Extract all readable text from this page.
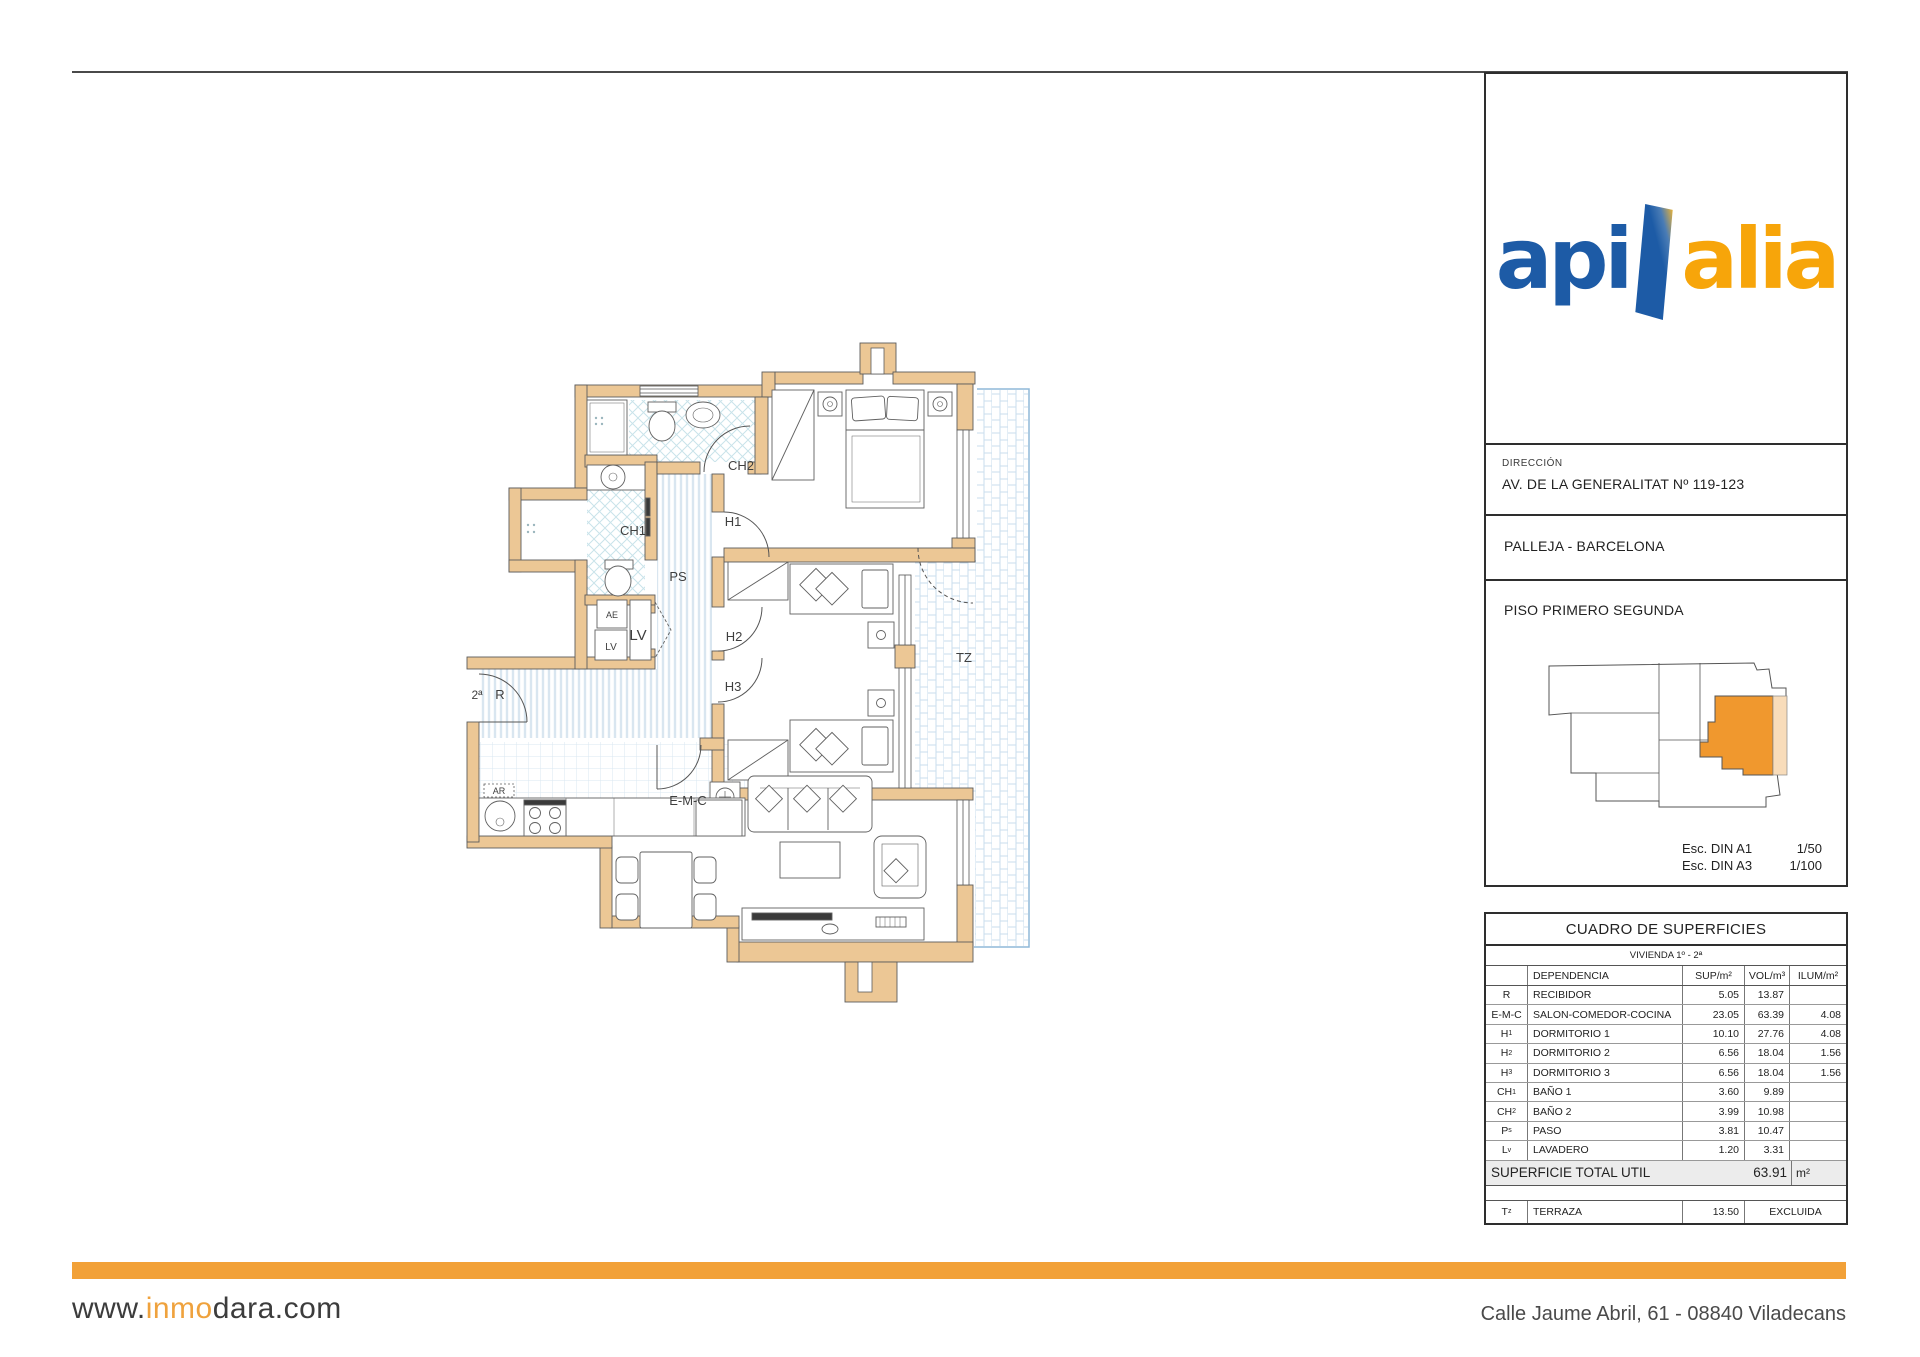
CH2
H1
CH1
PS
H2
H3
LV
AE
LV
2ª R
E-M-C
AR
TZ
api alia
DIRECCIÓN
AV. DE LA GENERALITAT Nº 119-123
PALLEJA - BARCELONA
PISO PRIMERO SEGUNDA
Esc. DIN A1	1/50
Esc. DIN A3	1/100
CUADRO DE SUPERFICIES
VIVIENDA 1º - 2ª
DEPENDENCIA	SUP/m²	VOL/m³	ILUM/m²
R	RECIBIDOR	5.05	13.87
E-M-C	SALON-COMEDOR-COCINA	23.05	63.39	4.08
H 1	DORMITORIO 1	10.10	27.76	4.08
H 2	DORMITORIO 2	6.56	18.04	1.56
H 3	DORMITORIO 3	6.56	18.04	1.56
CH 1	BAÑO 1	3.60	9.89
CH 2	BAÑO 2	3.99	10.98
P s	PASO	3.81	10.47
L v	LAVADERO	1.20	3.31
SUPERFICIE TOTAL UTIL	63.91 m²
T z	TERRAZA	13.50	EXCLUIDA
www.inmodara.com	Calle Jaume Abril, 61 - 08840 Viladecans
